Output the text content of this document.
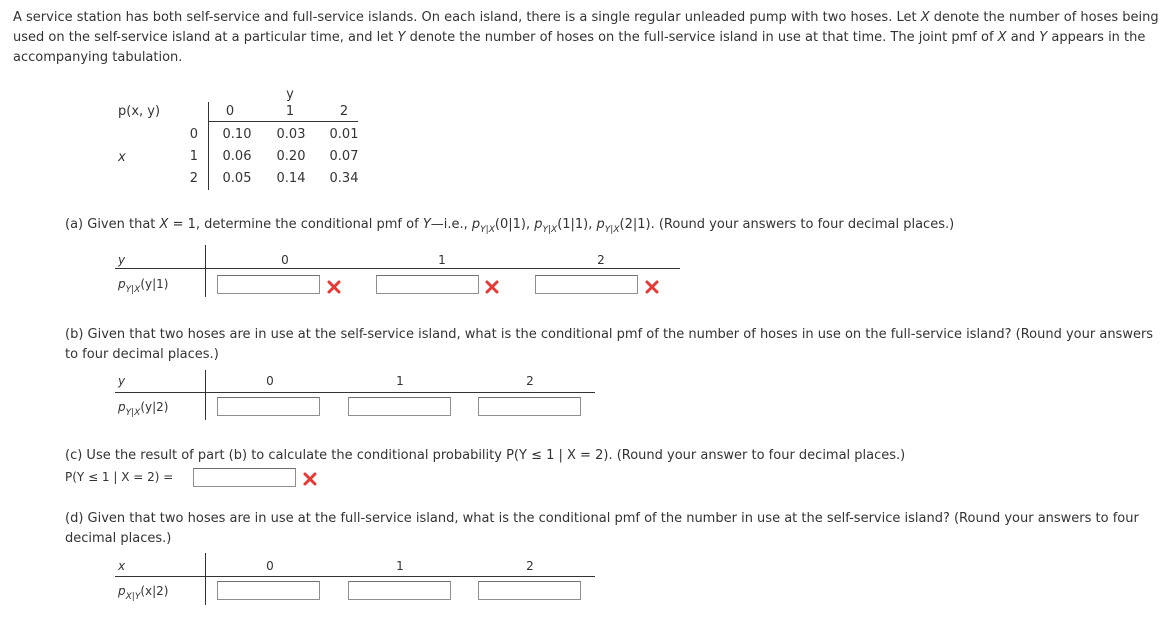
A service station has both self-service and full-service islands. On each island, there is a single regular unleaded pump with two hoses. Let X denote the number of hoses being used on the self-service island at a particular time, and let Y denote the number of hoses on the full-service island in use at that time. The joint pmf of X and Y appears in the accompanying tabulation.
y
p(x, y)	0	1	2
x
0	0.10	0.03	0.01
1	0.06	0.20	0.07
2	0.05	0.14	0.34
(a) Given that X = 1, determine the conditional pmf of Y—i.e., $p_{Y|X}(0|1)$, $p_{Y|X}(1|1)$, $p_{Y|X}(2|1)$. (Round your answers to four decimal places.)
y	0	1	2
$p_{Y|X}(y|1)$
(b) Given that two hoses are in use at the self-service island, what is the conditional pmf of the number of hoses in use on the full-service island? (Round your answers to four decimal places.)
y	0	1	2
$p_{Y|X}(y|2)$
(c) Use the result of part (b) to calculate the conditional probability P(Y ≤ 1 | X = 2). (Round your answer to four decimal places.)
P(Y ≤ 1 | X = 2) =
(d) Given that two hoses are in use at the full-service island, what is the conditional pmf of the number in use at the self-service island? (Round your answers to four decimal places.)
x	0	1	2
$p_{X|Y}(x|2)$
